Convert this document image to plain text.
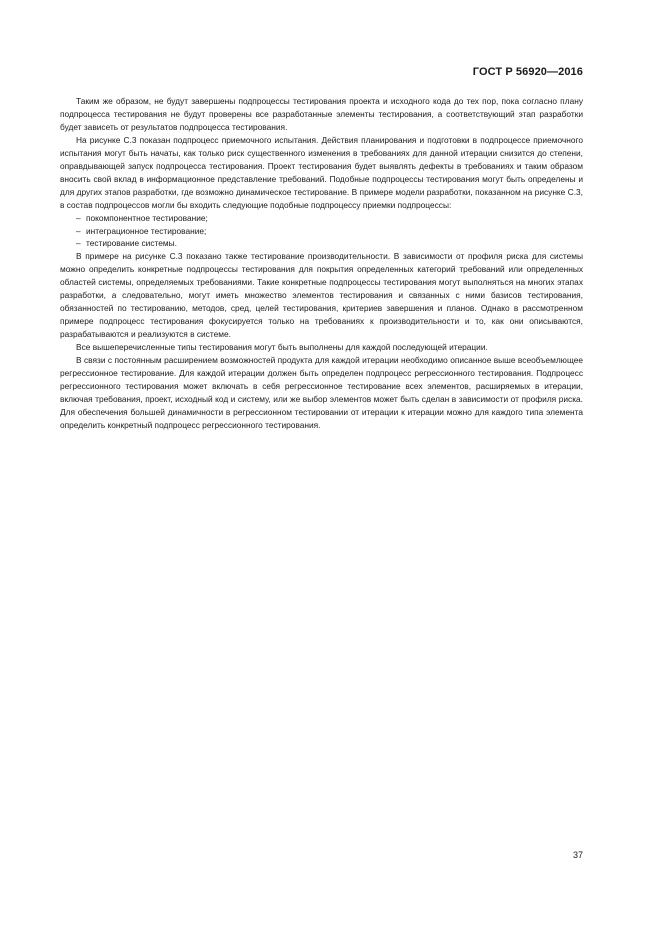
ГОСТ Р 56920—2016

Таким же образом, не будут завершены подпроцессы тестирования проекта и исходного кода до тех пор, пока согласно плану подпроцесса тестирования не будут проверены все разработанные элементы тестирования, а соответствующий этап разработки будет зависеть от результатов подпроцесса тестирования.

На рисунке С.3 показан подпроцесс приемочного испытания. Действия планирования и подготовки в подпроцессе приемочного испытания могут быть начаты, как только риск существенного изменения в требованиях для данной итерации снизится до степени, оправдывающей запуск подпроцесса тестирования. Проект тестирования будет выявлять дефекты в требованиях и таким образом вносить свой вклад в информационное представление требований. Подобные подпроцессы тестирования могут быть определены и для других этапов разработки, где возможно динамическое тестирование. В примере модели разработки, показанном на рисунке С.3, в состав подпроцессов могли бы входить следующие подобные подпроцессу приемки подпроцессы:

– покомпонентное тестирование;
– интеграционное тестирование;
– тестирование системы.

В примере на рисунке С.3 показано также тестирование производительности. В зависимости от профиля риска для системы можно определить конкретные подпроцессы тестирования для покрытия определенных категорий требований или определенных областей системы, определяемых требованиями. Такие конкретные подпроцессы тестирования могут выполняться на многих этапах разработки, а следовательно, могут иметь множество элементов тестирования и связанных с ними базисов тестирования, обязанностей по тестированию, методов, сред, целей тестирования, критериев завершения и планов. Однако в рассмотренном примере подпроцесс тестирования фокусируется только на требованиях к производительности и то, как они описываются, разрабатываются и реализуются в системе.

Все вышеперечисленные типы тестирования могут быть выполнены для каждой последующей итерации.

В связи с постоянным расширением возможностей продукта для каждой итерации необходимо описанное выше всеобъемлющее регрессионное тестирование. Для каждой итерации должен быть определен подпроцесс регрессионного тестирования. Подпроцесс регрессионного тестирования может включать в себя регрессионное тестирование всех элементов, расширяемых в итерации, включая требования, проект, исходный код и систему, или же выбор элементов может быть сделан в зависимости от профиля риска. Для обеспечения большей динамичности в регрессионном тестировании от итерации к итерации можно для каждого типа элемента определить конкретный подпроцесс регрессионного тестирования.

37
